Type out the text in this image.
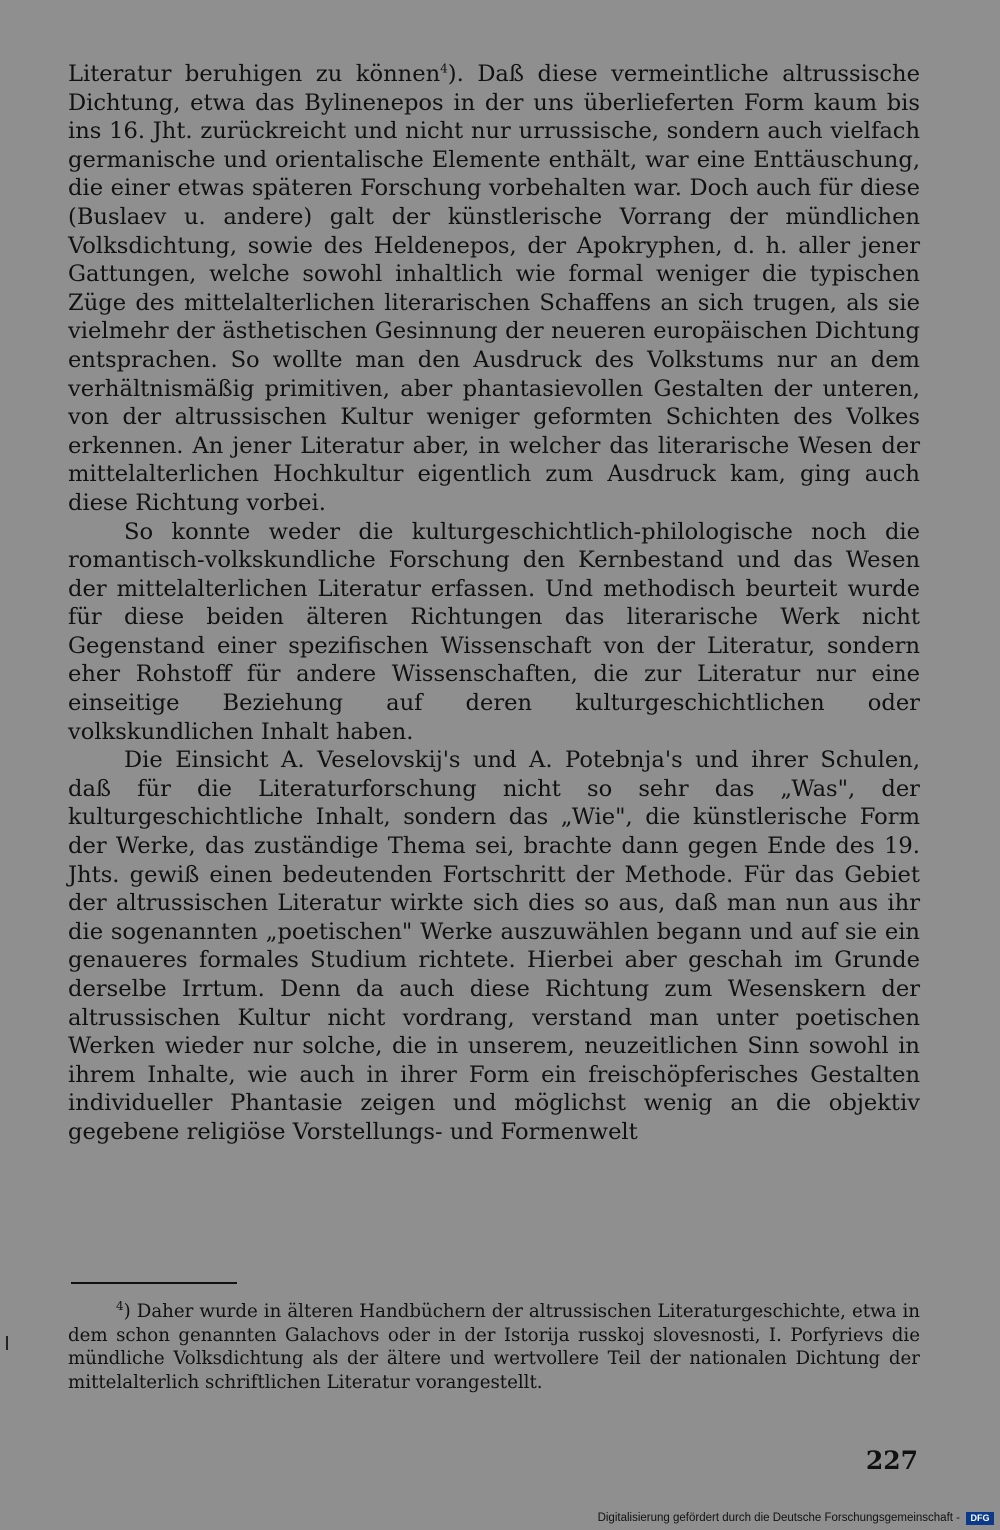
Literatur beruhigen zu können$^4$). Daß diese vermeintliche altrussische Dichtung, etwa das Bylinenepos in der uns überlieferten Form kaum bis ins 16. Jht. zurückreicht und nicht nur urrussische, sondern auch vielfach germanische und orientalische Elemente enthält, war eine Enttäuschung, die einer etwas späteren Forschung vorbehalten war. Doch auch für diese (Buslaev u. andere) galt der künstlerische Vorrang der mündlichen Volksdichtung, sowie des Heldenepos, der Apokryphen, d. h. aller jener Gattungen, welche sowohl inhaltlich wie formal weniger die typischen Züge des mittelalterlichen literarischen Schaffens an sich trugen, als sie vielmehr der ästhetischen Gesinnung der neueren europäischen Dichtung entsprachen. So wollte man den Ausdruck des Volkstums nur an dem verhältnismäßig primitiven, aber phantasievollen Gestalten der unteren, von der altrussischen Kultur weniger geformten Schichten des Volkes erkennen. An jener Literatur aber, in welcher das literarische Wesen der mittelalterlichen Hochkultur eigentlich zum Ausdruck kam, ging auch diese Richtung vorbei.

So konnte weder die kulturgeschichtlich-philologische noch die romantisch-volkskundliche Forschung den Kernbestand und das Wesen der mittelalterlichen Literatur erfassen. Und methodisch beurteit wurde für diese beiden älteren Richtungen das literarische Werk nicht Gegenstand einer spezifischen Wissenschaft von der Literatur, sondern eher Rohstoff für andere Wissenschaften, die zur Literatur nur eine einseitige Beziehung auf deren kulturgeschichtlichen oder volkskundlichen Inhalt haben.

Die Einsicht A. Veselovskij's und A. Potebnja's und ihrer Schulen, daß für die Literaturforschung nicht so sehr das „Was", der kulturgeschichtliche Inhalt, sondern das „Wie", die künstlerische Form der Werke, das zuständige Thema sei, brachte dann gegen Ende des 19. Jhts. gewiß einen bedeutenden Fortschritt der Methode. Für das Gebiet der altrussischen Literatur wirkte sich dies so aus, daß man nun aus ihr die sogenannten „poetischen" Werke auszuwählen begann und auf sie ein genaueres formales Studium richtete. Hierbei aber geschah im Grunde derselbe Irrtum. Denn da auch diese Richtung zum Wesenskern der altrussischen Kultur nicht vordrang, verstand man unter poetischen Werken wieder nur solche, die in unserem, neuzeitlichen Sinn sowohl in ihrem Inhalte, wie auch in ihrer Form ein freischöpferisches Gestalten individueller Phantasie zeigen und möglichst wenig an die objektiv gegebene religiöse Vorstellungs- und Formenwelt

$^4$) Daher wurde in älteren Handbüchern der altrussischen Literaturgeschichte, etwa in dem schon genannten Galachovs oder in der Istorija russkoj slovesnosti, I. Porfyrievs die mündliche Volksdichtung als der ältere und wertvollere Teil der nationalen Dichtung der mittelalterlich schriftlichen Literatur vorangestellt.

227
Digitalisierung gefördert durch die Deutsche Forschungsgemeinschaft -	DFG
